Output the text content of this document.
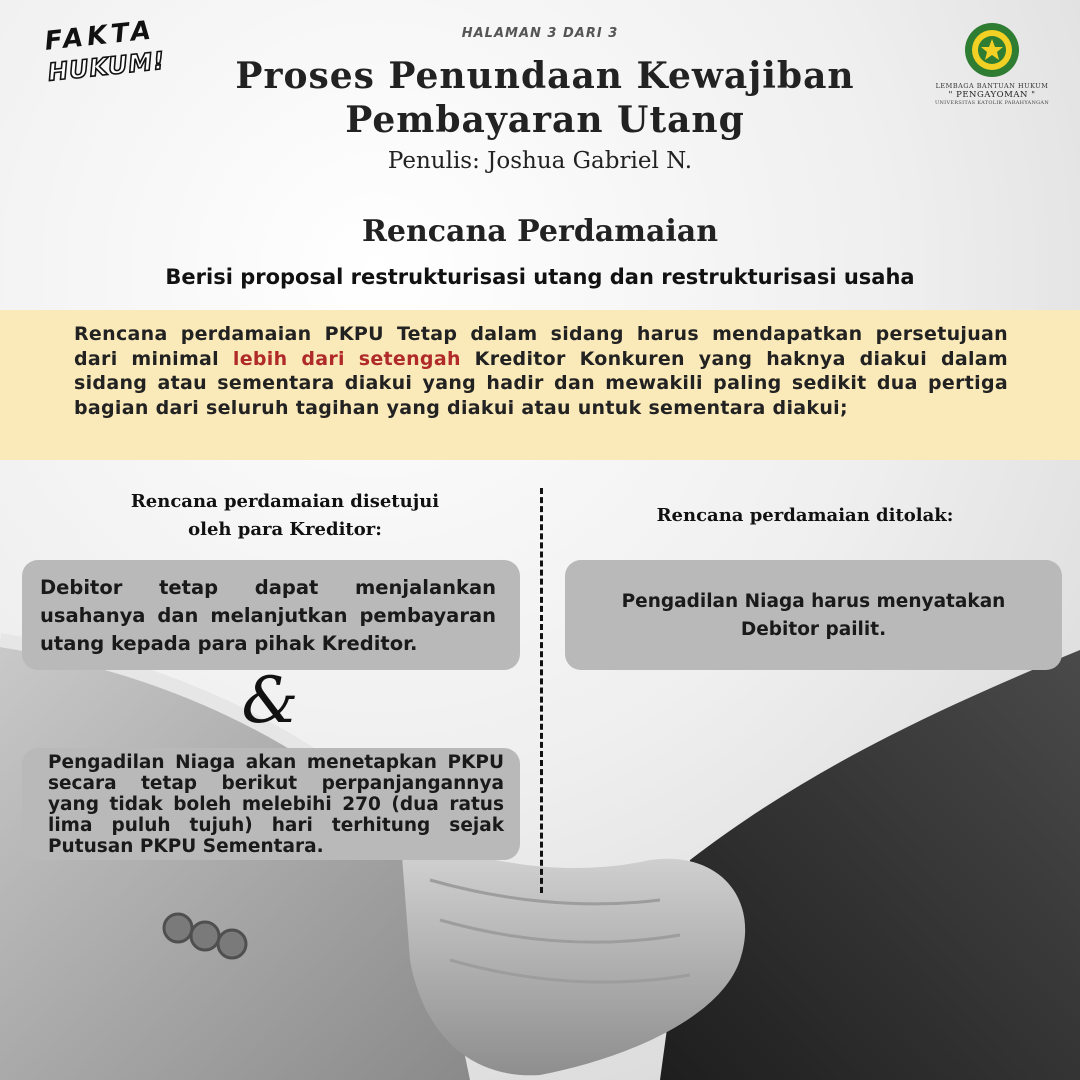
FAKTA
HUKUM!
HALAMAN 3 DARI 3
Proses Penundaan Kewajiban Pembayaran Utang
Penulis: Joshua Gabriel N.
LEMBAGA BANTUAN HUKUM
" PENGAYOMAN "
UNIVERSITAS KATOLIK PARAHYANGAN
Rencana Perdamaian
Berisi proposal restrukturisasi utang dan restrukturisasi usaha

Rencana perdamaian PKPU Tetap dalam sidang harus mendapatkan persetujuan dari minimal lebih dari setengah Kreditor Konkuren yang haknya diakui dalam sidang atau sementara diakui yang hadir dan mewakili paling sedikit dua pertiga bagian dari seluruh tagihan yang diakui atau untuk sementara diakui;

Rencana perdamaian disetujui
oleh para Kreditor:
Rencana perdamaian ditolak:
Debitor tetap dapat menjalankan usahanya dan melanjutkan pembayaran utang kepada para pihak Kreditor.
&
Pengadilan Niaga akan menetapkan PKPU secara tetap berikut perpanjangannya yang tidak boleh melebihi 270 (dua ratus lima puluh tujuh) hari terhitung sejak Putusan PKPU Sementara.
Pengadilan Niaga harus menyatakan Debitor pailit.
